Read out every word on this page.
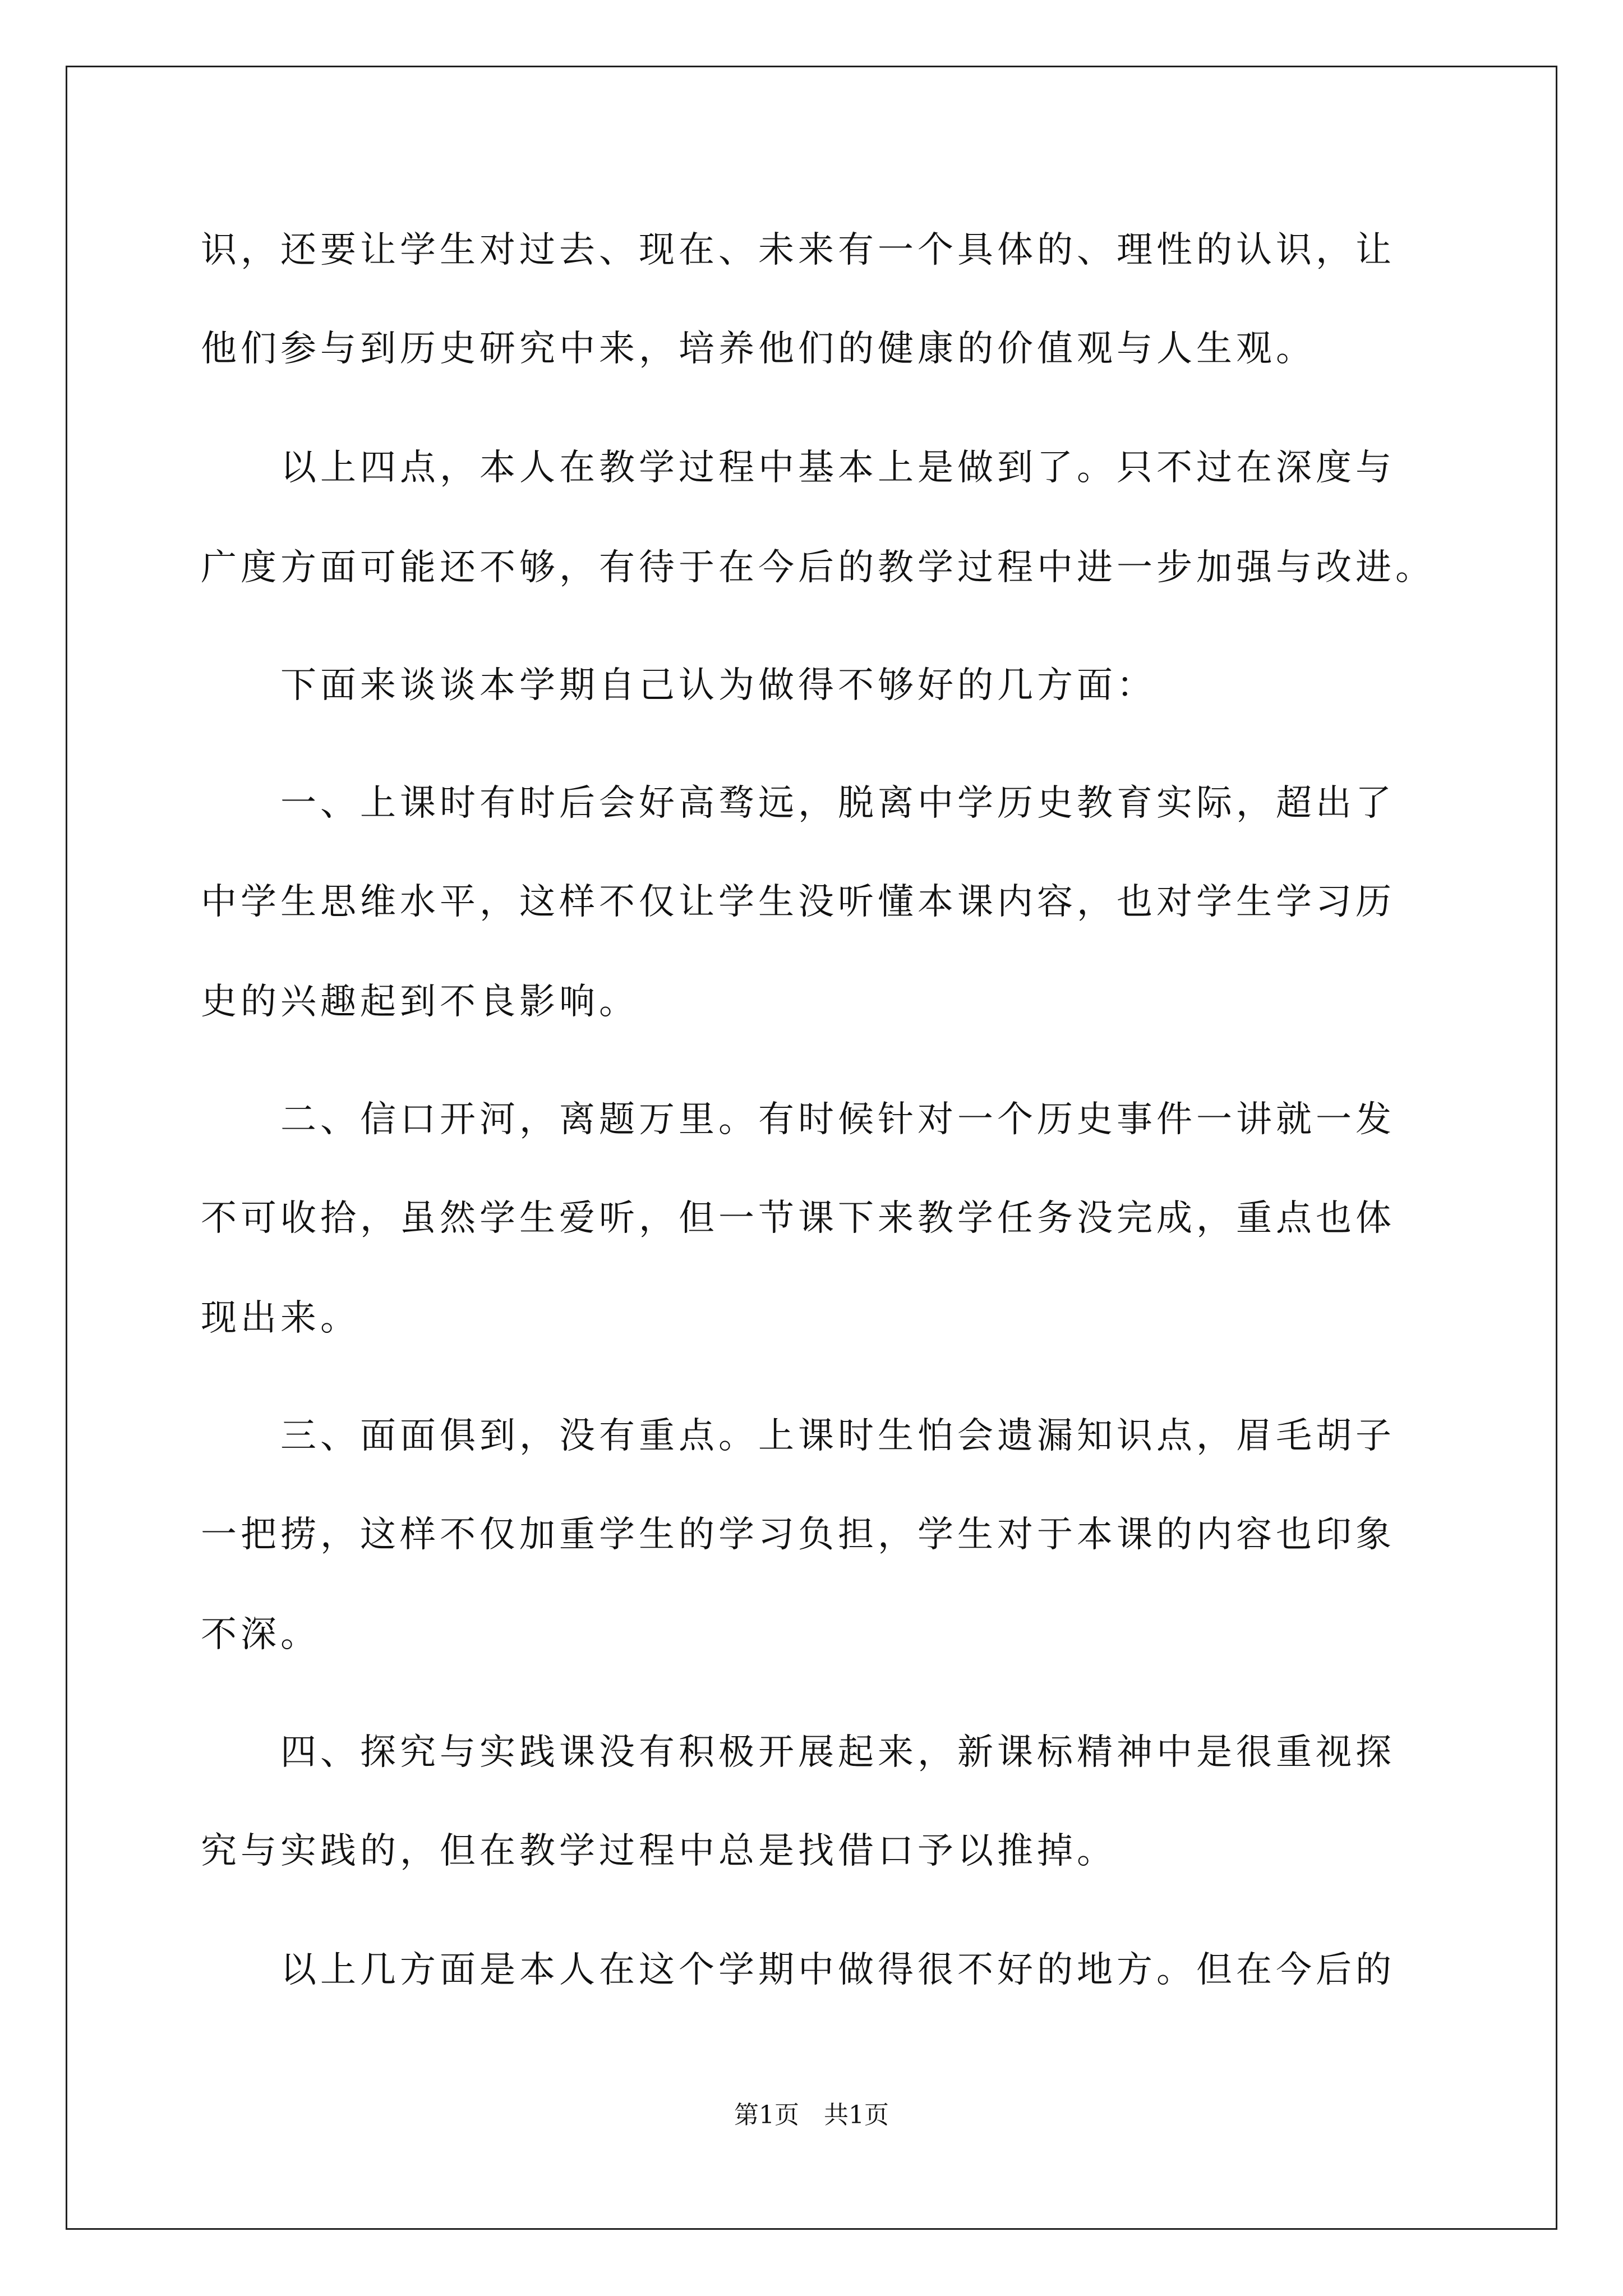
识，还要让学生对过去、现在、未来有一个具体的、理性的认识，让
他们参与到历史研究中来，培养他们的健康的价值观与人生观。
　　以上四点，本人在教学过程中基本上是做到了。只不过在深度与
广度方面可能还不够，有待于在今后的教学过程中进一步加强与改进。
　　下面来谈谈本学期自己认为做得不够好的几方面：
　　一、上课时有时后会好高骛远，脱离中学历史教育实际，超出了
中学生思维水平，这样不仅让学生没听懂本课内容，也对学生学习历
史的兴趣起到不良影响。
　　二、信口开河，离题万里。有时候针对一个历史事件一讲就一发
不可收拾，虽然学生爱听，但一节课下来教学任务没完成，重点也体
现出来。
　　三、面面俱到，没有重点。上课时生怕会遗漏知识点，眉毛胡子
一把捞，这样不仅加重学生的学习负担，学生对于本课的内容也印象
不深。
　　四、探究与实践课没有积极开展起来，新课标精神中是很重视探
究与实践的，但在教学过程中总是找借口予以推掉。
　　以上几方面是本人在这个学期中做得很不好的地方。但在今后的
第1页　共1页
